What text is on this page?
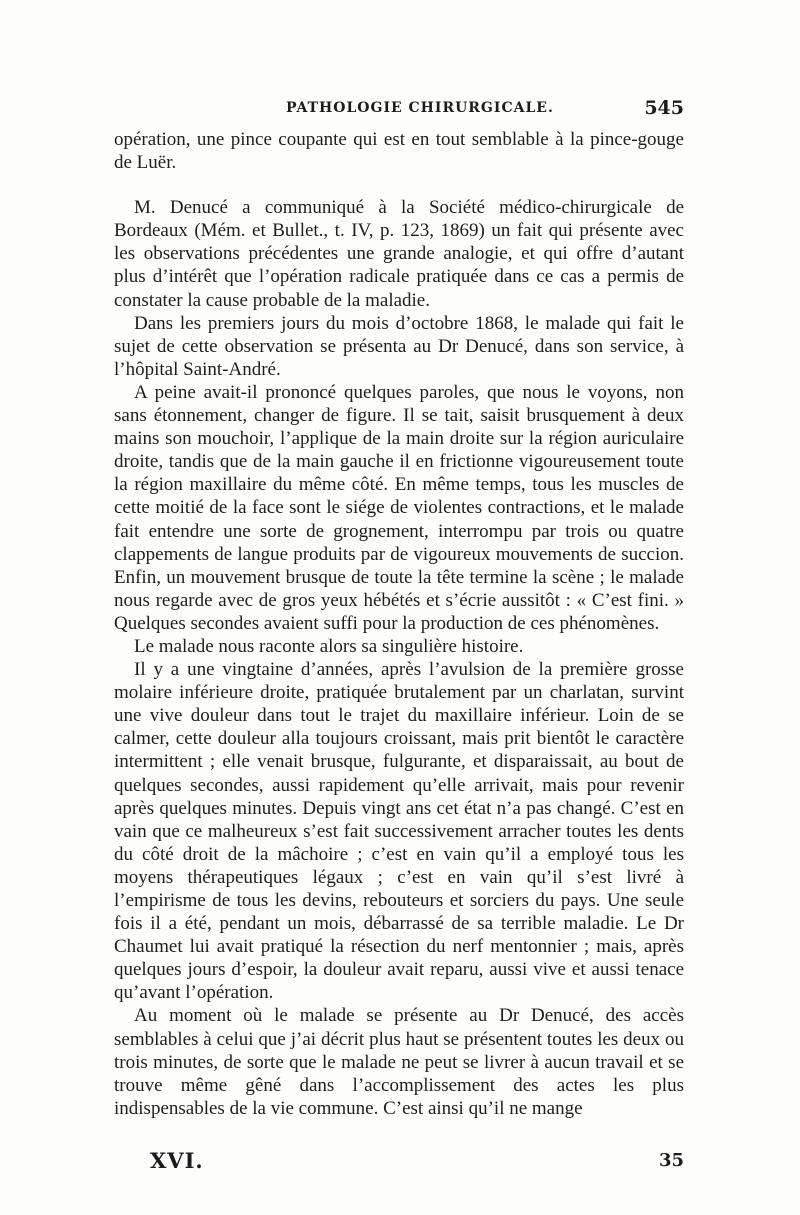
PATHOLOGIE CHIRURGICALE.	545

opération, une pince coupante qui est en tout semblable à la pince-gouge de Luër.

M. Denucé a communiqué à la Société médico-chirurgicale de Bordeaux (Mém. et Bullet., t. IV, p. 123, 1869) un fait qui présente avec les observations précédentes une grande analogie, et qui offre d’autant plus d’intérêt que l’opération radicale pratiquée dans ce cas a permis de constater la cause probable de la maladie.

Dans les premiers jours du mois d’octobre 1868, le malade qui fait le sujet de cette observation se présenta au Dr Denucé, dans son service, à l’hôpital Saint-André.

A peine avait-il prononcé quelques paroles, que nous le voyons, non sans étonnement, changer de figure. Il se tait, saisit brusquement à deux mains son mouchoir, l’applique de la main droite sur la région auriculaire droite, tandis que de la main gauche il en frictionne vigoureusement toute la région maxillaire du même côté. En même temps, tous les muscles de cette moitié de la face sont le siége de violentes contractions, et le malade fait entendre une sorte de grognement, interrompu par trois ou quatre clappements de langue produits par de vigoureux mouvements de succion. Enfin, un mouvement brusque de toute la tête termine la scène ; le malade nous regarde avec de gros yeux hébétés et s’écrie aussitôt : « C’est fini. » Quelques secondes avaient suffi pour la production de ces phénomènes.

Le malade nous raconte alors sa singulière histoire.

Il y a une vingtaine d’années, après l’avulsion de la première grosse molaire inférieure droite, pratiquée brutalement par un charlatan, survint une vive douleur dans tout le trajet du maxillaire inférieur. Loin de se calmer, cette douleur alla toujours croissant, mais prit bientôt le caractère intermittent ; elle venait brusque, fulgurante, et disparaissait, au bout de quelques secondes, aussi rapidement qu’elle arrivait, mais pour revenir après quelques minutes. Depuis vingt ans cet état n’a pas changé. C’est en vain que ce malheureux s’est fait successivement arracher toutes les dents du côté droit de la mâchoire ; c’est en vain qu’il a employé tous les moyens thérapeutiques légaux ; c’est en vain qu’il s’est livré à l’empirisme de tous les devins, rebouteurs et sorciers du pays. Une seule fois il a été, pendant un mois, débarrassé de sa terrible maladie. Le Dr Chaumet lui avait pratiqué la résection du nerf mentonnier ; mais, après quelques jours d’espoir, la douleur avait reparu, aussi vive et aussi tenace qu’avant l’opération.

Au moment où le malade se présente au Dr Denucé, des accès semblables à celui que j’ai décrit plus haut se présentent toutes les deux ou trois minutes, de sorte que le malade ne peut se livrer à aucun travail et se trouve même gêné dans l’accomplissement des actes les plus indispensables de la vie commune. C’est ainsi qu’il ne mange

XVI.	35
